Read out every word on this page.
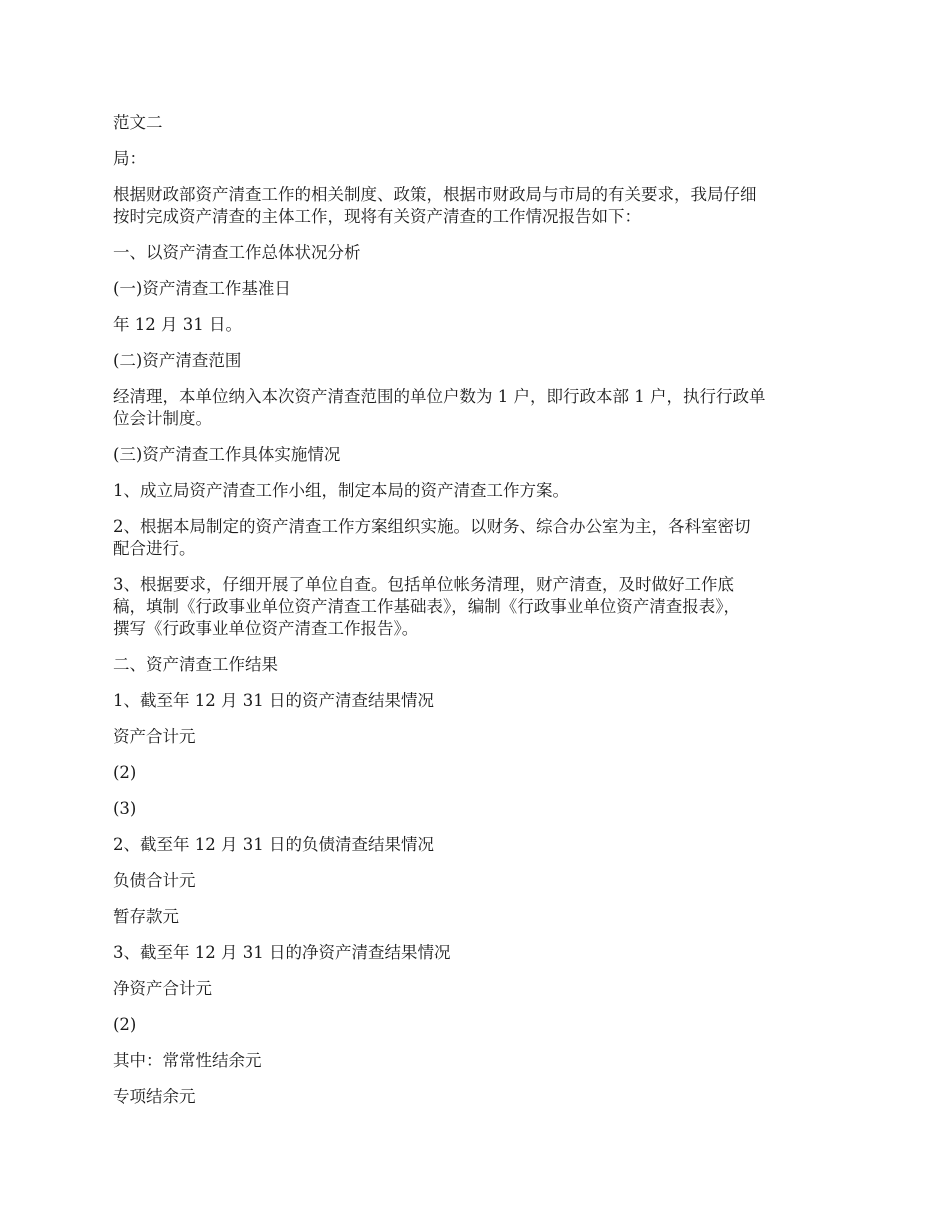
范文二

局：

根据财政部资产清查工作的相关制度、政策，根据市财政局与市局的有关要求，我局仔细
按时完成资产清查的主体工作，现将有关资产清查的工作情况报告如下：

一、以资产清查工作总体状况分析

(一)资产清查工作基准日

年 12 月 31 日。

(二)资产清查范围

经清理，本单位纳入本次资产清查范围的单位户数为 1 户，即行政本部 1 户，执行行政单
位会计制度。

(三)资产清查工作具体实施情况

1、成立局资产清查工作小组，制定本局的资产清查工作方案。

2、根据本局制定的资产清查工作方案组织实施。以财务、综合办公室为主，各科室密切
配合进行。

3、根据要求，仔细开展了单位自查。包括单位帐务清理，财产清查，及时做好工作底
稿，填制《行政事业单位资产清查工作基础表》，编制《行政事业单位资产清查报表》，
撰写《行政事业单位资产清查工作报告》。

二、资产清查工作结果

1、截至年 12 月 31 日的资产清查结果情况

资产合计元

(2)

(3)

2、截至年 12 月 31 日的负债清查结果情况

负债合计元

暂存款元

3、截至年 12 月 31 日的净资产清查结果情况

净资产合计元

(2)

其中：常常性结余元

专项结余元
